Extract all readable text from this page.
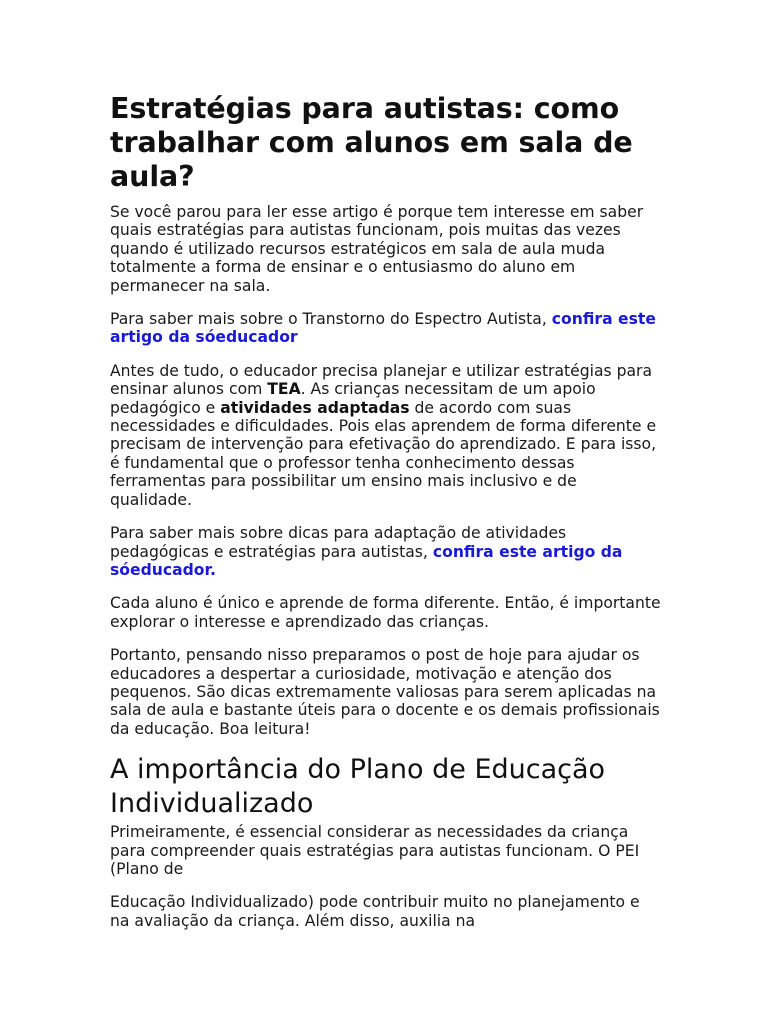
Estratégias para autistas: como trabalhar com alunos em sala de aula?

Se você parou para ler esse artigo é porque tem interesse em saber quais estratégias para autistas funcionam, pois muitas das vezes quando é utilizado recursos estratégicos em sala de aula muda totalmente a forma de ensinar e o entusiasmo do aluno em permanecer na sala.

Para saber mais sobre o Transtorno do Espectro Autista, confira este artigo da sóeducador

Antes de tudo, o educador precisa planejar e utilizar estratégias para ensinar alunos com TEA. As crianças necessitam de um apoio pedagógico e atividades adaptadas de acordo com suas necessidades e dificuldades. Pois elas aprendem de forma diferente e precisam de intervenção para efetivação do aprendizado. E para isso, é fundamental que o professor tenha conhecimento dessas ferramentas para possibilitar um ensino mais inclusivo e de qualidade.

Para saber mais sobre dicas para adaptação de atividades pedagógicas e estratégias para autistas, confira este artigo da sóeducador.

Cada aluno é único e aprende de forma diferente. Então, é importante explorar o interesse e aprendizado das crianças.

Portanto, pensando nisso preparamos o post de hoje para ajudar os educadores a despertar a curiosidade, motivação e atenção dos pequenos. São dicas extremamente valiosas para serem aplicadas na sala de aula e bastante úteis para o docente e os demais profissionais da educação. Boa leitura!

A importância do Plano de Educação Individualizado

Primeiramente, é essencial considerar as necessidades da criança para compreender quais estratégias para autistas funcionam. O PEI (Plano de

Educação Individualizado) pode contribuir muito no planejamento e na avaliação da criança. Além disso, auxilia na
